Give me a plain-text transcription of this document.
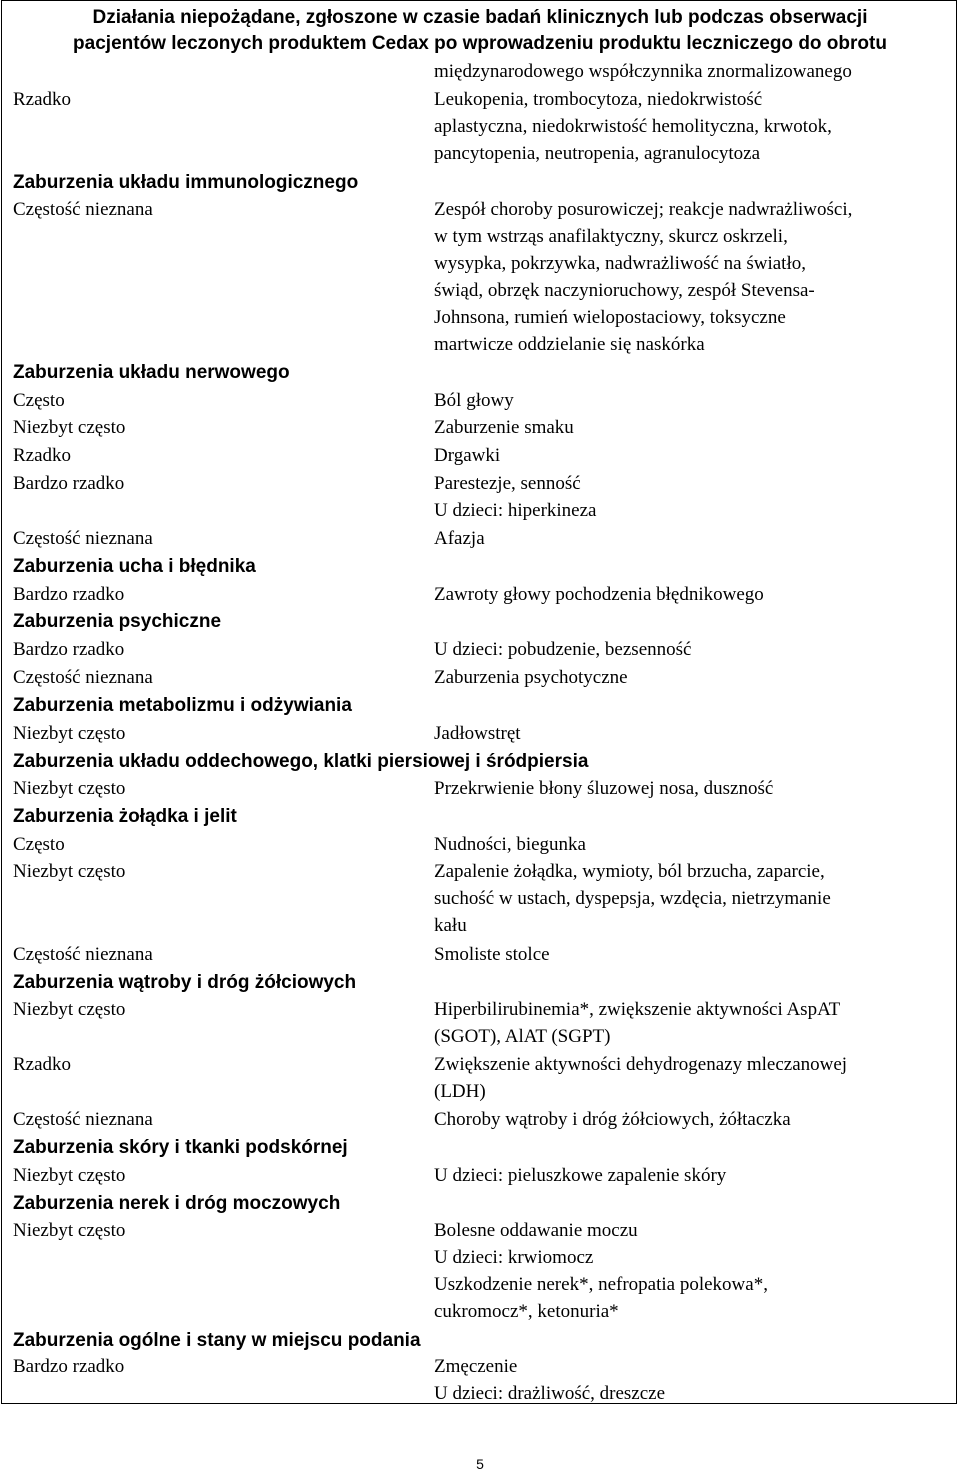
Działania niepożądane, zgłoszone w czasie badań klinicznych lub podczas obserwacji
pacjentów leczonych produktem Cedax po wprowadzeniu produktu leczniczego do obrotu
międzynarodowego współczynnika znormalizowanego
Rzadko	Leukopenia, trombocytoza, niedokrwistość
aplastyczna, niedokrwistość hemolityczna, krwotok,
pancytopenia, neutropenia, agranulocytoza
Zaburzenia układu immunologicznego
Częstość nieznana	Zespół choroby posurowiczej; reakcje nadwrażliwości,
w tym wstrząs anafilaktyczny, skurcz oskrzeli,
wysypka, pokrzywka, nadwrażliwość na światło,
świąd, obrzęk naczynioruchowy, zespół Stevensa-
Johnsona, rumień wielopostaciowy, toksyczne
martwicze oddzielanie się naskórka
Zaburzenia układu nerwowego
Często	Ból głowy
Niezbyt często	Zaburzenie smaku
Rzadko	Drgawki
Bardzo rzadko	Parestezje, senność
U dzieci: hiperkineza
Częstość nieznana	Afazja
Zaburzenia ucha i błędnika
Bardzo rzadko	Zawroty głowy pochodzenia błędnikowego
Zaburzenia psychiczne
Bardzo rzadko	U dzieci: pobudzenie, bezsenność
Częstość nieznana	Zaburzenia psychotyczne
Zaburzenia metabolizmu i odżywiania
Niezbyt często	Jadłowstręt
Zaburzenia układu oddechowego, klatki piersiowej i śródpiersia
Niezbyt często	Przekrwienie błony śluzowej nosa, duszność
Zaburzenia żołądka i jelit
Często	Nudności, biegunka
Niezbyt często	Zapalenie żołądka, wymioty, ból brzucha, zaparcie,
suchość w ustach, dyspepsja, wzdęcia, nietrzymanie
kału
Częstość nieznana	Smoliste stolce
Zaburzenia wątroby i dróg żółciowych
Niezbyt często	Hiperbilirubinemia*, zwiększenie aktywności AspAT
(SGOT), AlAT (SGPT)
Rzadko	Zwiększenie aktywności dehydrogenazy mleczanowej
(LDH)
Częstość nieznana	Choroby wątroby i dróg żółciowych, żółtaczka
Zaburzenia skóry i tkanki podskórnej
Niezbyt często	U dzieci: pieluszkowe zapalenie skóry
Zaburzenia nerek i dróg moczowych
Niezbyt często	Bolesne oddawanie moczu
U dzieci: krwiomocz
Uszkodzenie nerek*, nefropatia polekowa*,
cukromocz*, ketonuria*
Zaburzenia ogólne i stany w miejscu podania
Bardzo rzadko	Zmęczenie
U dzieci: drażliwość, dreszcze
5
